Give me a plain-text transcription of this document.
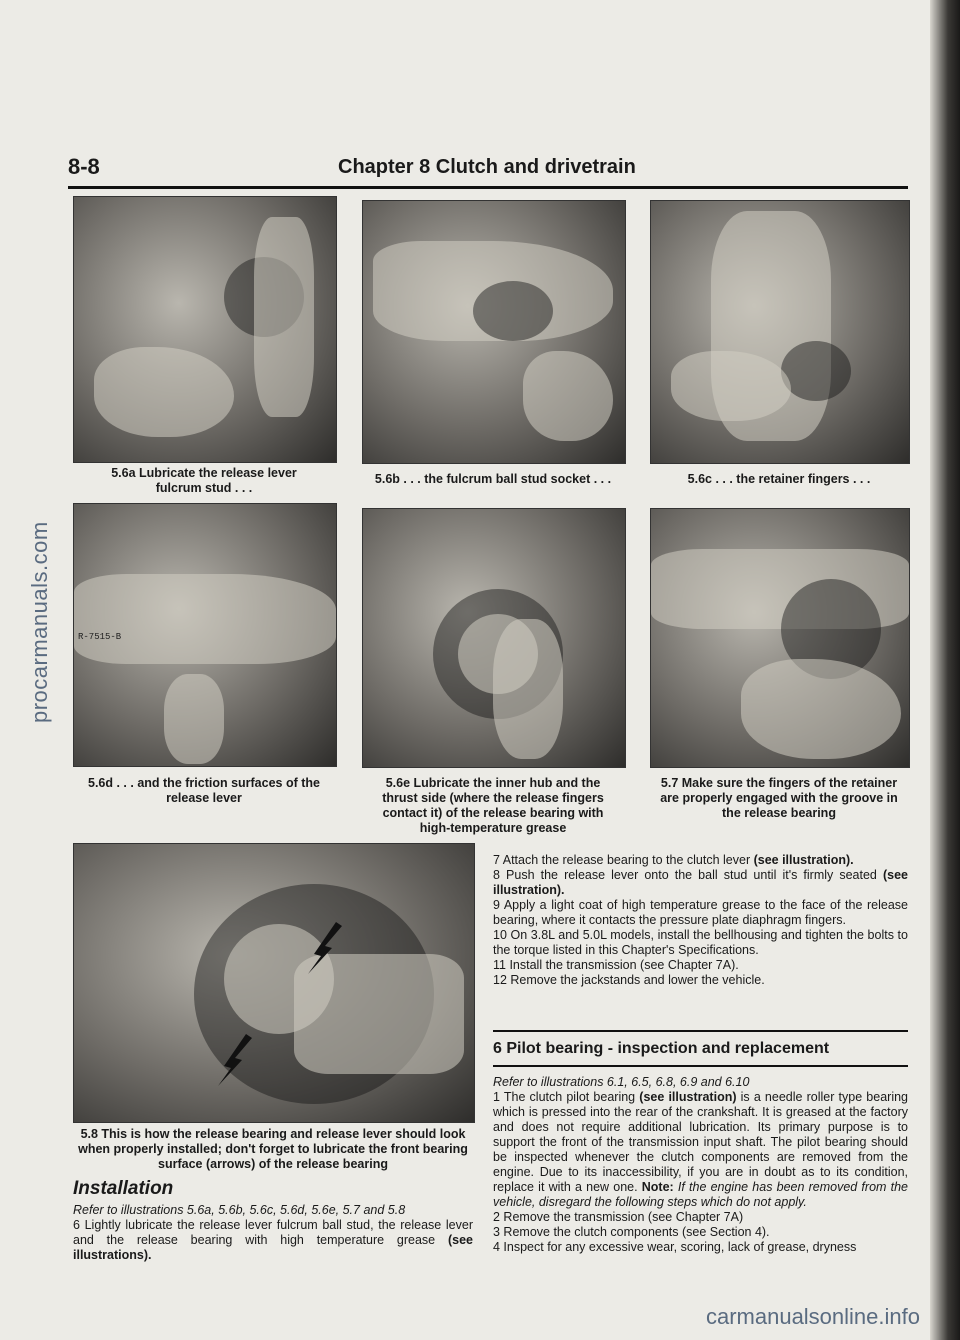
procarmanuals.com
carmanualsonline.info
8-8	Chapter 8 Clutch and drivetrain
5.6a Lubricate the release lever
fulcrum stud . . .
5.6b . . . the fulcrum ball stud socket . . .	5.6c . . . the retainer fingers . . .
R-7515-B
5.6d . . . and the friction surfaces of the
release lever
5.6e Lubricate the inner hub and the
thrust side (where the release fingers
contact it) of the release bearing with
high-temperature grease
5.7 Make sure the fingers of the retainer
are properly engaged with the groove in
the release bearing
5.8 This is how the release bearing and release lever should look
when properly installed; don't forget to lubricate the front bearing
surface (arrows) of the release bearing
Installation

Refer to illustrations 5.6a, 5.6b, 5.6c, 5.6d, 5.6e, 5.7 and 5.8

6 Lightly lubricate the release lever fulcrum ball stud, the release lever and the release bearing with high temperature grease (see illustrations).

7 Attach the release bearing to the clutch lever (see illustration).

8 Push the release lever onto the ball stud until it's firmly seated (see illustration).

9 Apply a light coat of high temperature grease to the face of the release bearing, where it contacts the pressure plate diaphragm fingers.

10 On 3.8L and 5.0L models, install the bellhousing and tighten the bolts to the torque listed in this Chapter's Specifications.

11 Install the transmission (see Chapter 7A).

12 Remove the jackstands and lower the vehicle.

6 Pilot bearing - inspection and replacement

Refer to illustrations 6.1, 6.5, 6.8, 6.9 and 6.10

1 The clutch pilot bearing (see illustration) is a needle roller type bearing which is pressed into the rear of the crankshaft. It is greased at the factory and does not require additional lubrication. Its primary purpose is to support the front of the transmission input shaft. The pilot bearing should be inspected whenever the clutch components are removed from the engine. Due to its inaccessibility, if you are in doubt as to its condition, replace it with a new one. Note: If the engine has been removed from the vehicle, disregard the following steps which do not apply.

2 Remove the transmission (see Chapter 7A)

3 Remove the clutch components (see Section 4).

4 Inspect for any excessive wear, scoring, lack of grease, dryness
